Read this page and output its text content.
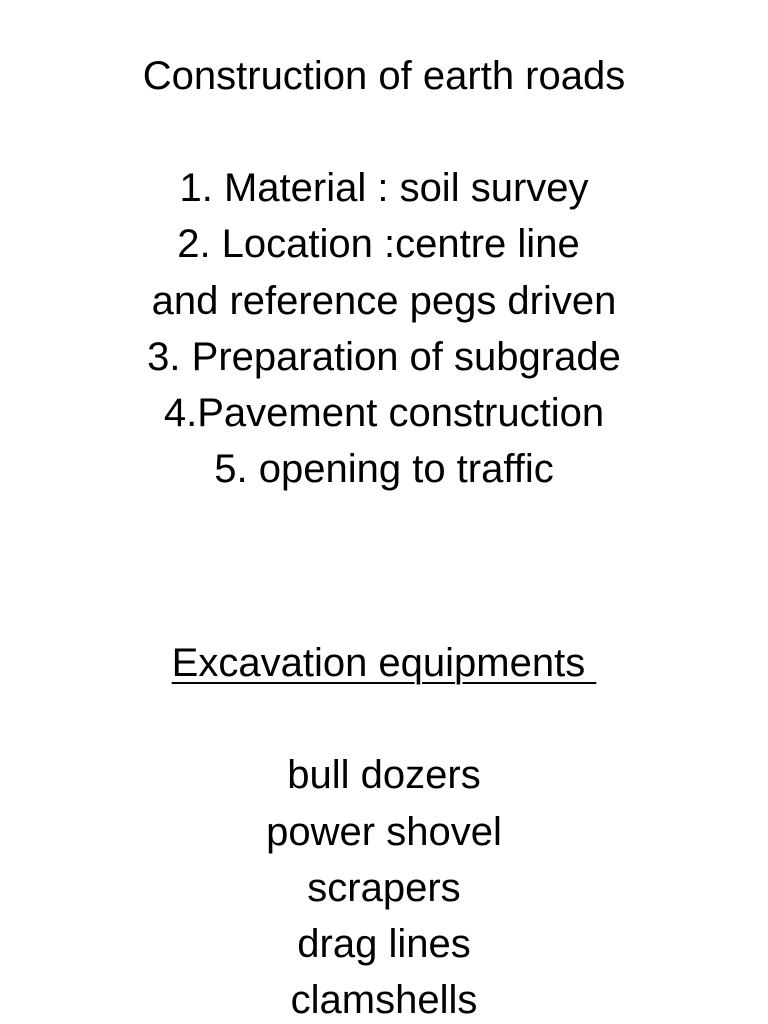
Construction of earth roads
1. Material : soil survey
2. Location :centre line
and reference pegs driven
3. Preparation of subgrade
4.Pavement construction
5. opening to traffic
Excavation equipments
bull dozers
power shovel
scrapers
drag lines
clamshells
